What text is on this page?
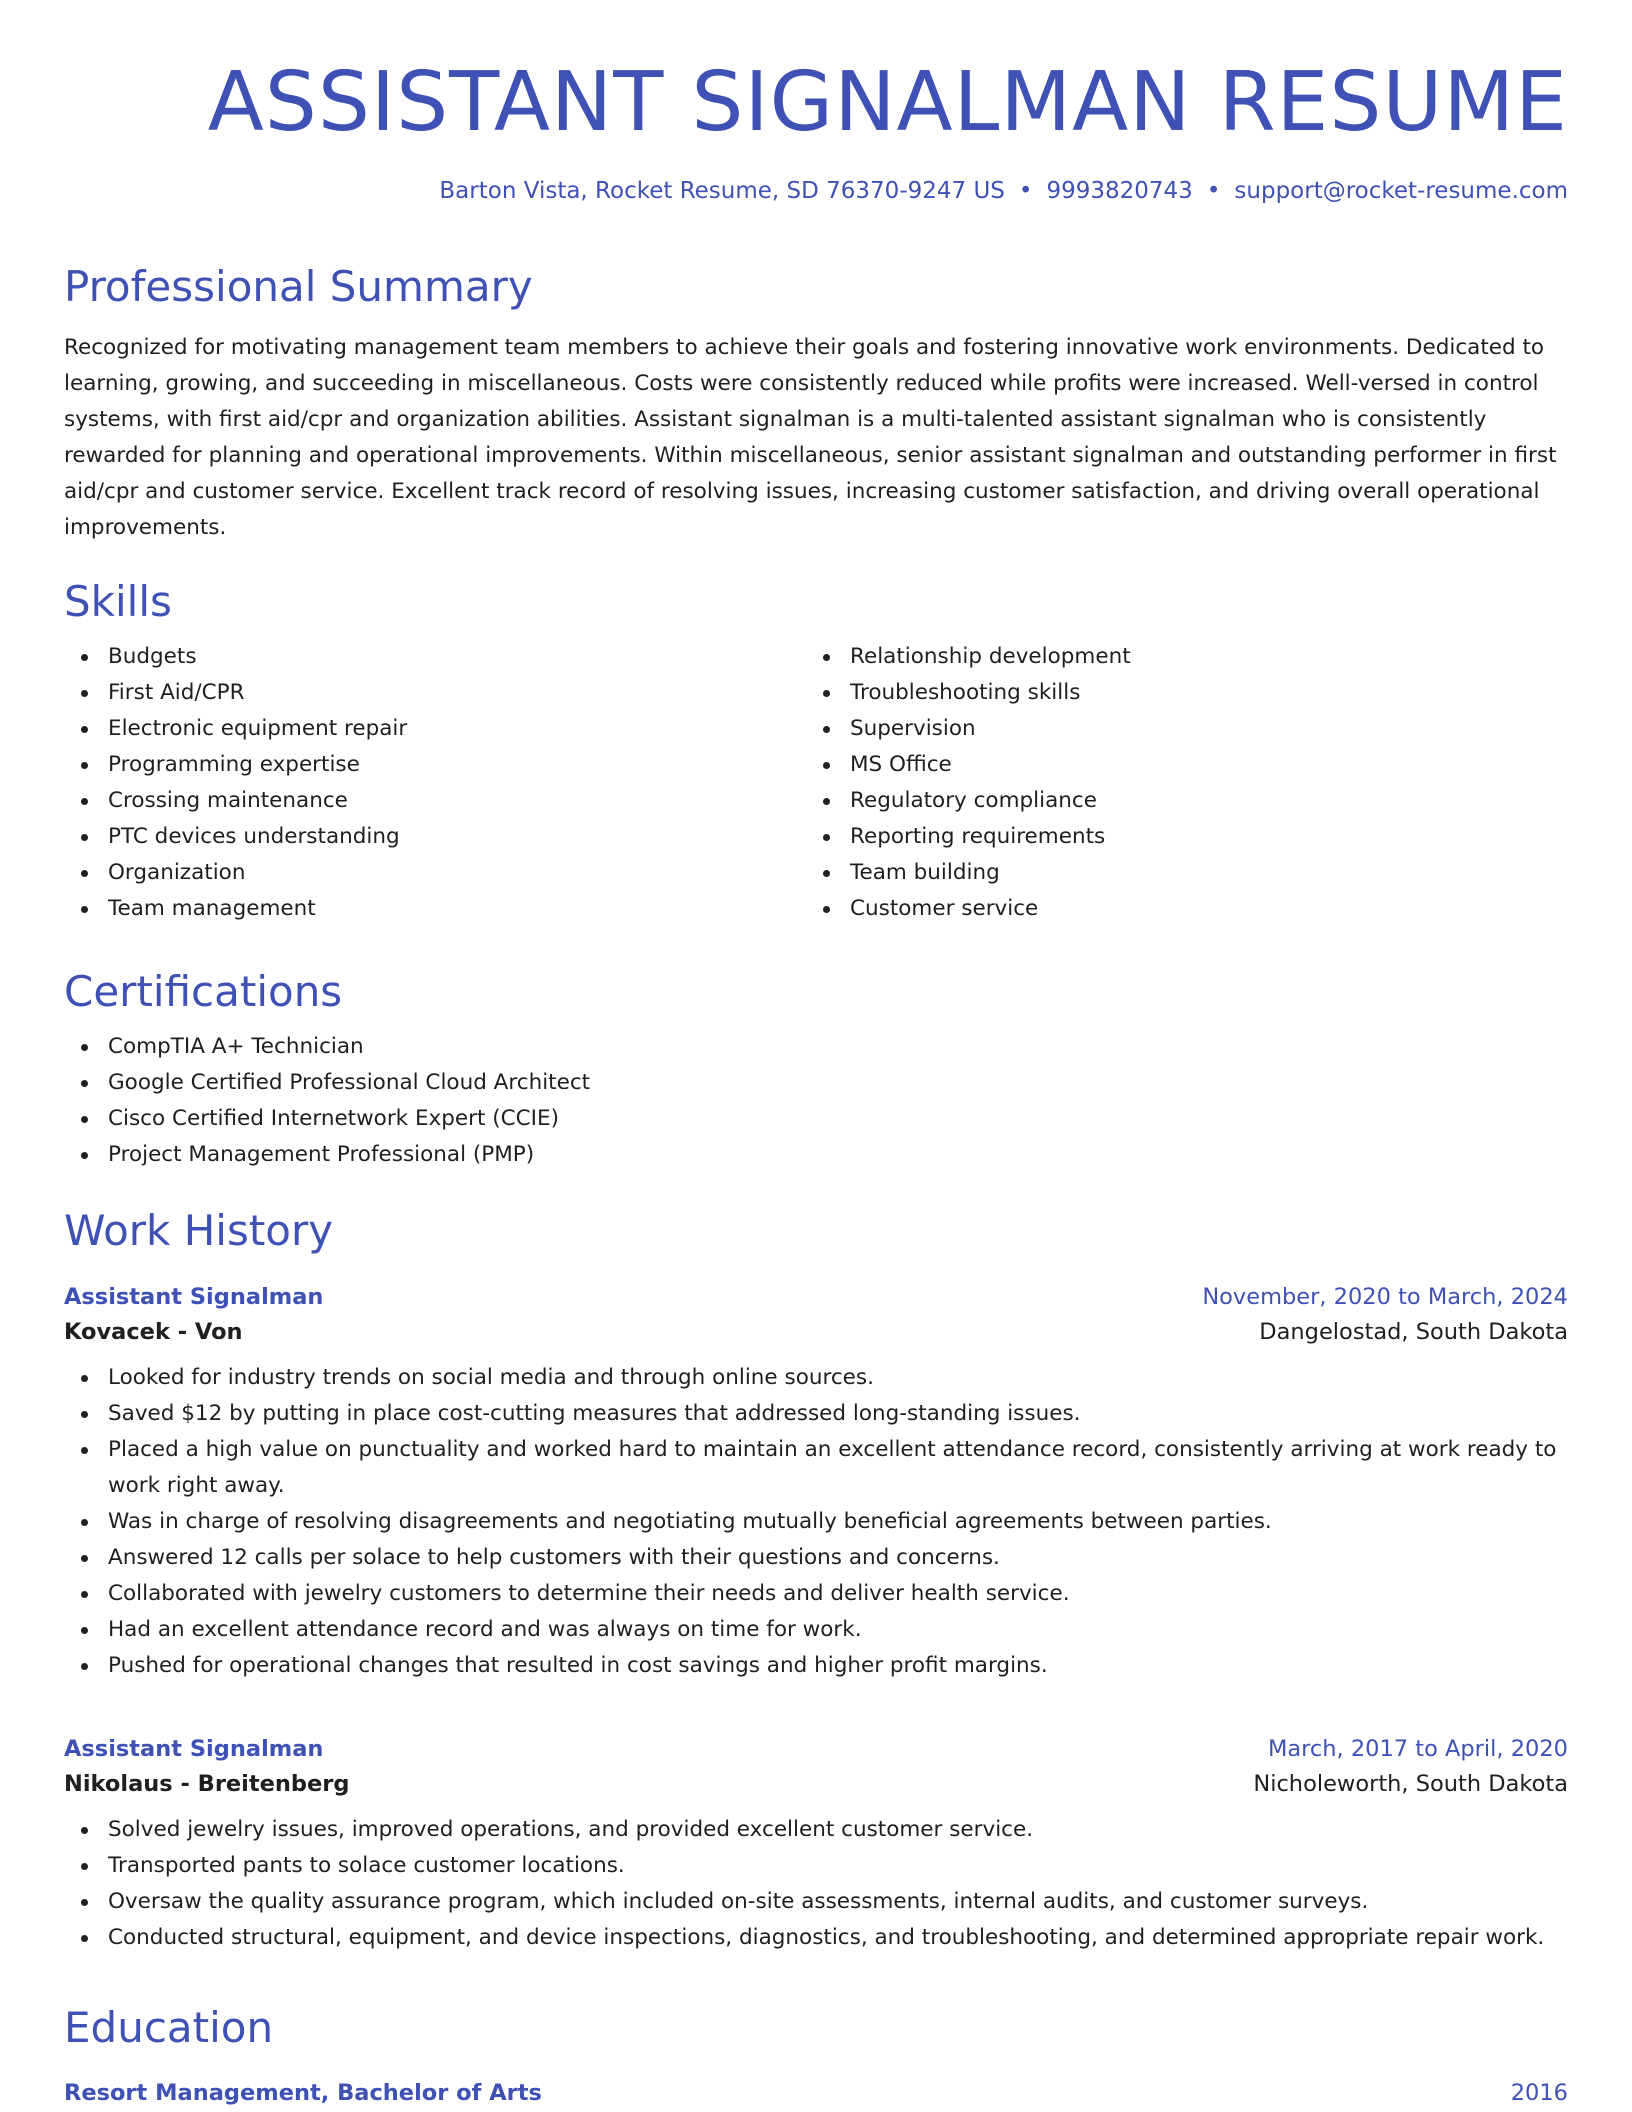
ASSISTANT SIGNALMAN RESUME
Barton Vista, Rocket Resume, SD 76370-9247 US • 9993820743 • support@rocket-resume.com
Professional Summary

Recognized for motivating management team members to achieve their goals and fostering innovative work environments. Dedicated to learning, growing, and succeeding in miscellaneous. Costs were consistently reduced while profits were increased. Well-versed in control systems, with first aid/cpr and organization abilities. Assistant signalman is a multi-talented assistant signalman who is consistently rewarded for planning and operational improvements. Within miscellaneous, senior assistant signalman and outstanding performer in first aid/cpr and customer service. Excellent track record of resolving issues, increasing customer satisfaction, and driving overall operational improvements.

Skills
Budgets
First Aid/CPR
Electronic equipment repair
Programming expertise
Crossing maintenance
PTC devices understanding
Organization
Team management
Relationship development
Troubleshooting skills
Supervision
MS Office
Regulatory compliance
Reporting requirements
Team building
Customer service
Certifications
CompTIA A+ Technician
Google Certified Professional Cloud Architect
Cisco Certified Internetwork Expert (CCIE)
Project Management Professional (PMP)
Work History
Assistant Signalman	November, 2020 to March, 2024
Kovacek - Von	Dangelostad, South Dakota
Looked for industry trends on social media and through online sources.
Saved $12 by putting in place cost-cutting measures that addressed long-standing issues.
Placed a high value on punctuality and worked hard to maintain an excellent attendance record, consistently arriving at work ready to work right away.
Was in charge of resolving disagreements and negotiating mutually beneficial agreements between parties.
Answered 12 calls per solace to help customers with their questions and concerns.
Collaborated with jewelry customers to determine their needs and deliver health service.
Had an excellent attendance record and was always on time for work.
Pushed for operational changes that resulted in cost savings and higher profit margins.
Assistant Signalman	March, 2017 to April, 2020
Nikolaus - Breitenberg	Nicholeworth, South Dakota
Solved jewelry issues, improved operations, and provided excellent customer service.
Transported pants to solace customer locations.
Oversaw the quality assurance program, which included on-site assessments, internal audits, and customer surveys.
Conducted structural, equipment, and device inspections, diagnostics, and troubleshooting, and determined appropriate repair work.
Education
Resort Management, Bachelor of Arts	2016
